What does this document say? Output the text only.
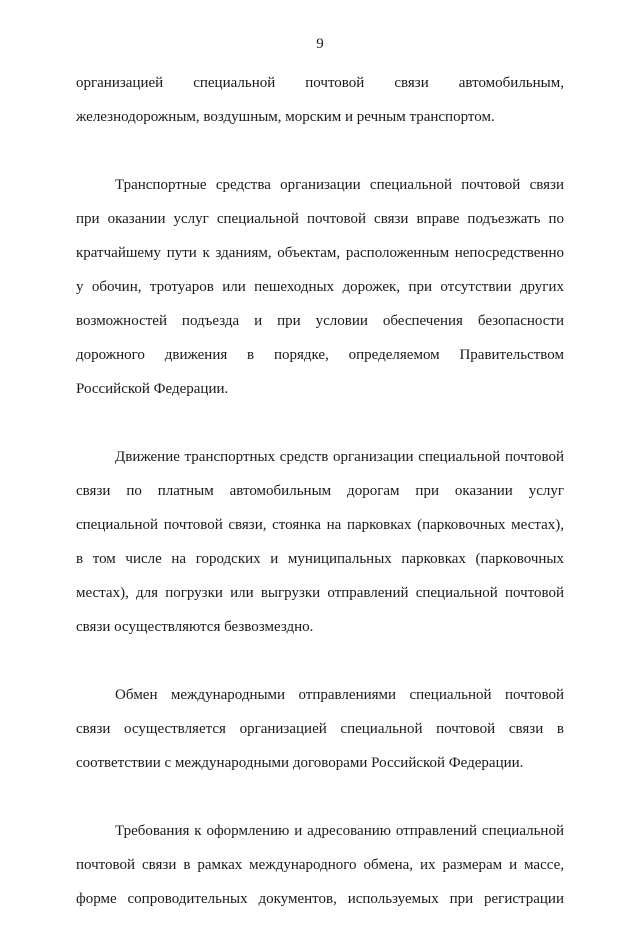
9

организацией специальной почтовой связи автомобильным,
железнодорожным, воздушным, морским и речным транспортом.

Транспортные средства организации специальной почтовой связи
при оказании услуг специальной почтовой связи вправе подъезжать по
кратчайшему пути к зданиям, объектам, расположенным непосредственно
у обочин, тротуаров или пешеходных дорожек, при отсутствии других
возможностей подъезда и при условии обеспечения безопасности
дорожного движения в порядке, определяемом Правительством
Российской Федерации.

Движение транспортных средств организации специальной почтовой
связи по платным автомобильным дорогам при оказании услуг
специальной почтовой связи, стоянка на парковках (парковочных местах),
в том числе на городских и муниципальных парковках (парковочных
местах), для погрузки или выгрузки отправлений специальной почтовой
связи осуществляются безвозмездно.

Обмен международными отправлениями специальной почтовой
связи осуществляется организацией специальной почтовой связи в
соответствии с международными договорами Российской Федерации.

Требования к оформлению и адресованию отправлений специальной
почтовой связи в рамках международного обмена, их размерам и массе,
форме сопроводительных документов, используемых при регистрации
